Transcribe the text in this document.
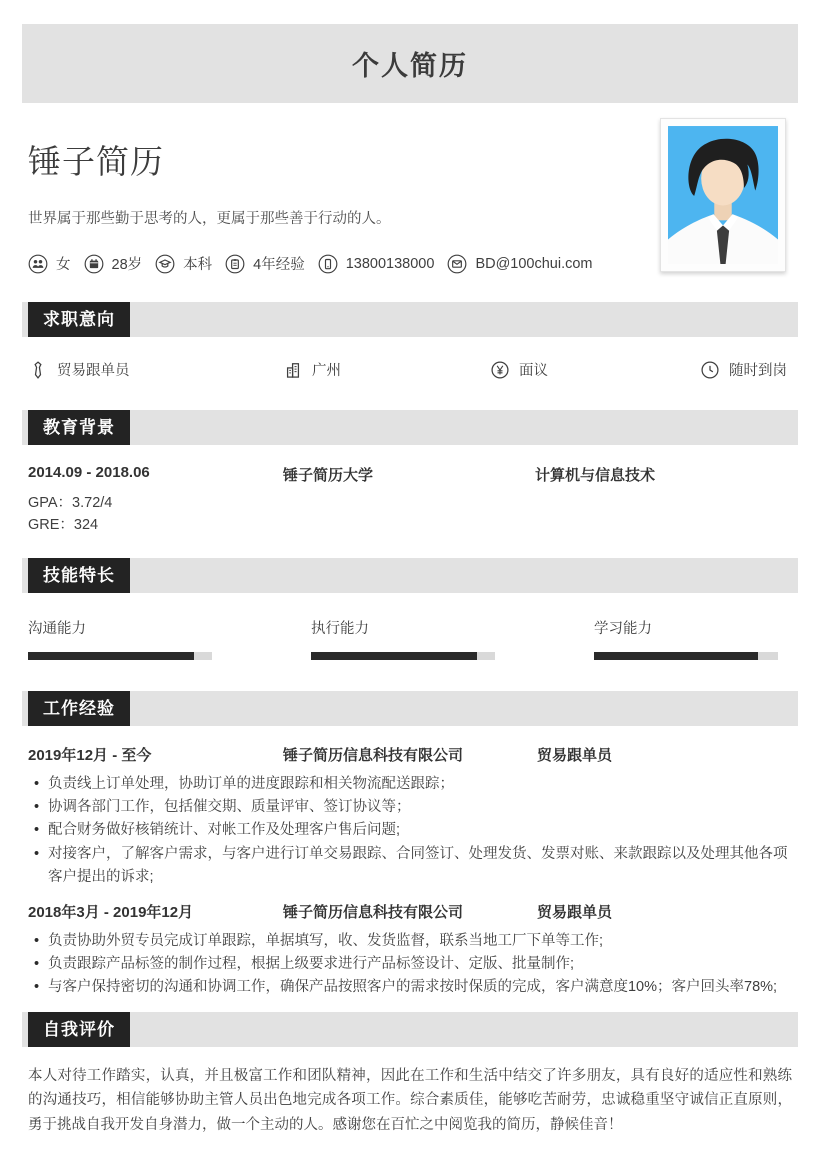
个人简历
锤子简历
世界属于那些勤于思考的人，更属于那些善于行动的人。
女	28岁	本科	4年经验	13800138000	BD@100chui.com
求职意向
贸易跟单员	广州	面议	随时到岗
教育背景
2014.09 - 2018.06	锤子简历大学	计算机与信息技术
GPA：3.72/4
GRE：324
技能特长
沟通能力	执行能力	学习能力
工作经验
2019年12月 - 至今	锤子简历信息科技有限公司	贸易跟单员
• 负责线上订单处理，协助订单的进度跟踪和相关物流配送跟踪；
• 协调各部门工作，包括催交期、质量评审、签订协议等；
• 配合财务做好核销统计、对帐工作及处理客户售后问题;
• 对接客户，了解客户需求，与客户进行订单交易跟踪、合同签订、处理发货、发票对账、来款跟踪以及处理其他各项客户提出的诉求;
2018年3月 - 2019年12月	锤子简历信息科技有限公司	贸易跟单员
• 负责协助外贸专员完成订单跟踪，单据填写，收、发货监督，联系当地工厂下单等工作;
• 负责跟踪产品标签的制作过程，根据上级要求进行产品标签设计、定版、批量制作;
• 与客户保持密切的沟通和协调工作，确保产品按照客户的需求按时保质的完成，客户满意度10%；客户回头率78%;
自我评价

本人对待工作踏实，认真，并且极富工作和团队精神，因此在工作和生活中结交了许多朋友，具有良好的适应性和熟练的沟通技巧，相信能够协助主管人员出色地完成各项工作。综合素质佳，能够吃苦耐劳，忠诚稳重坚守诚信正直原则，勇于挑战自我开发自身潜力，做一个主动的人。感谢您在百忙之中阅览我的简历，静候佳音！
